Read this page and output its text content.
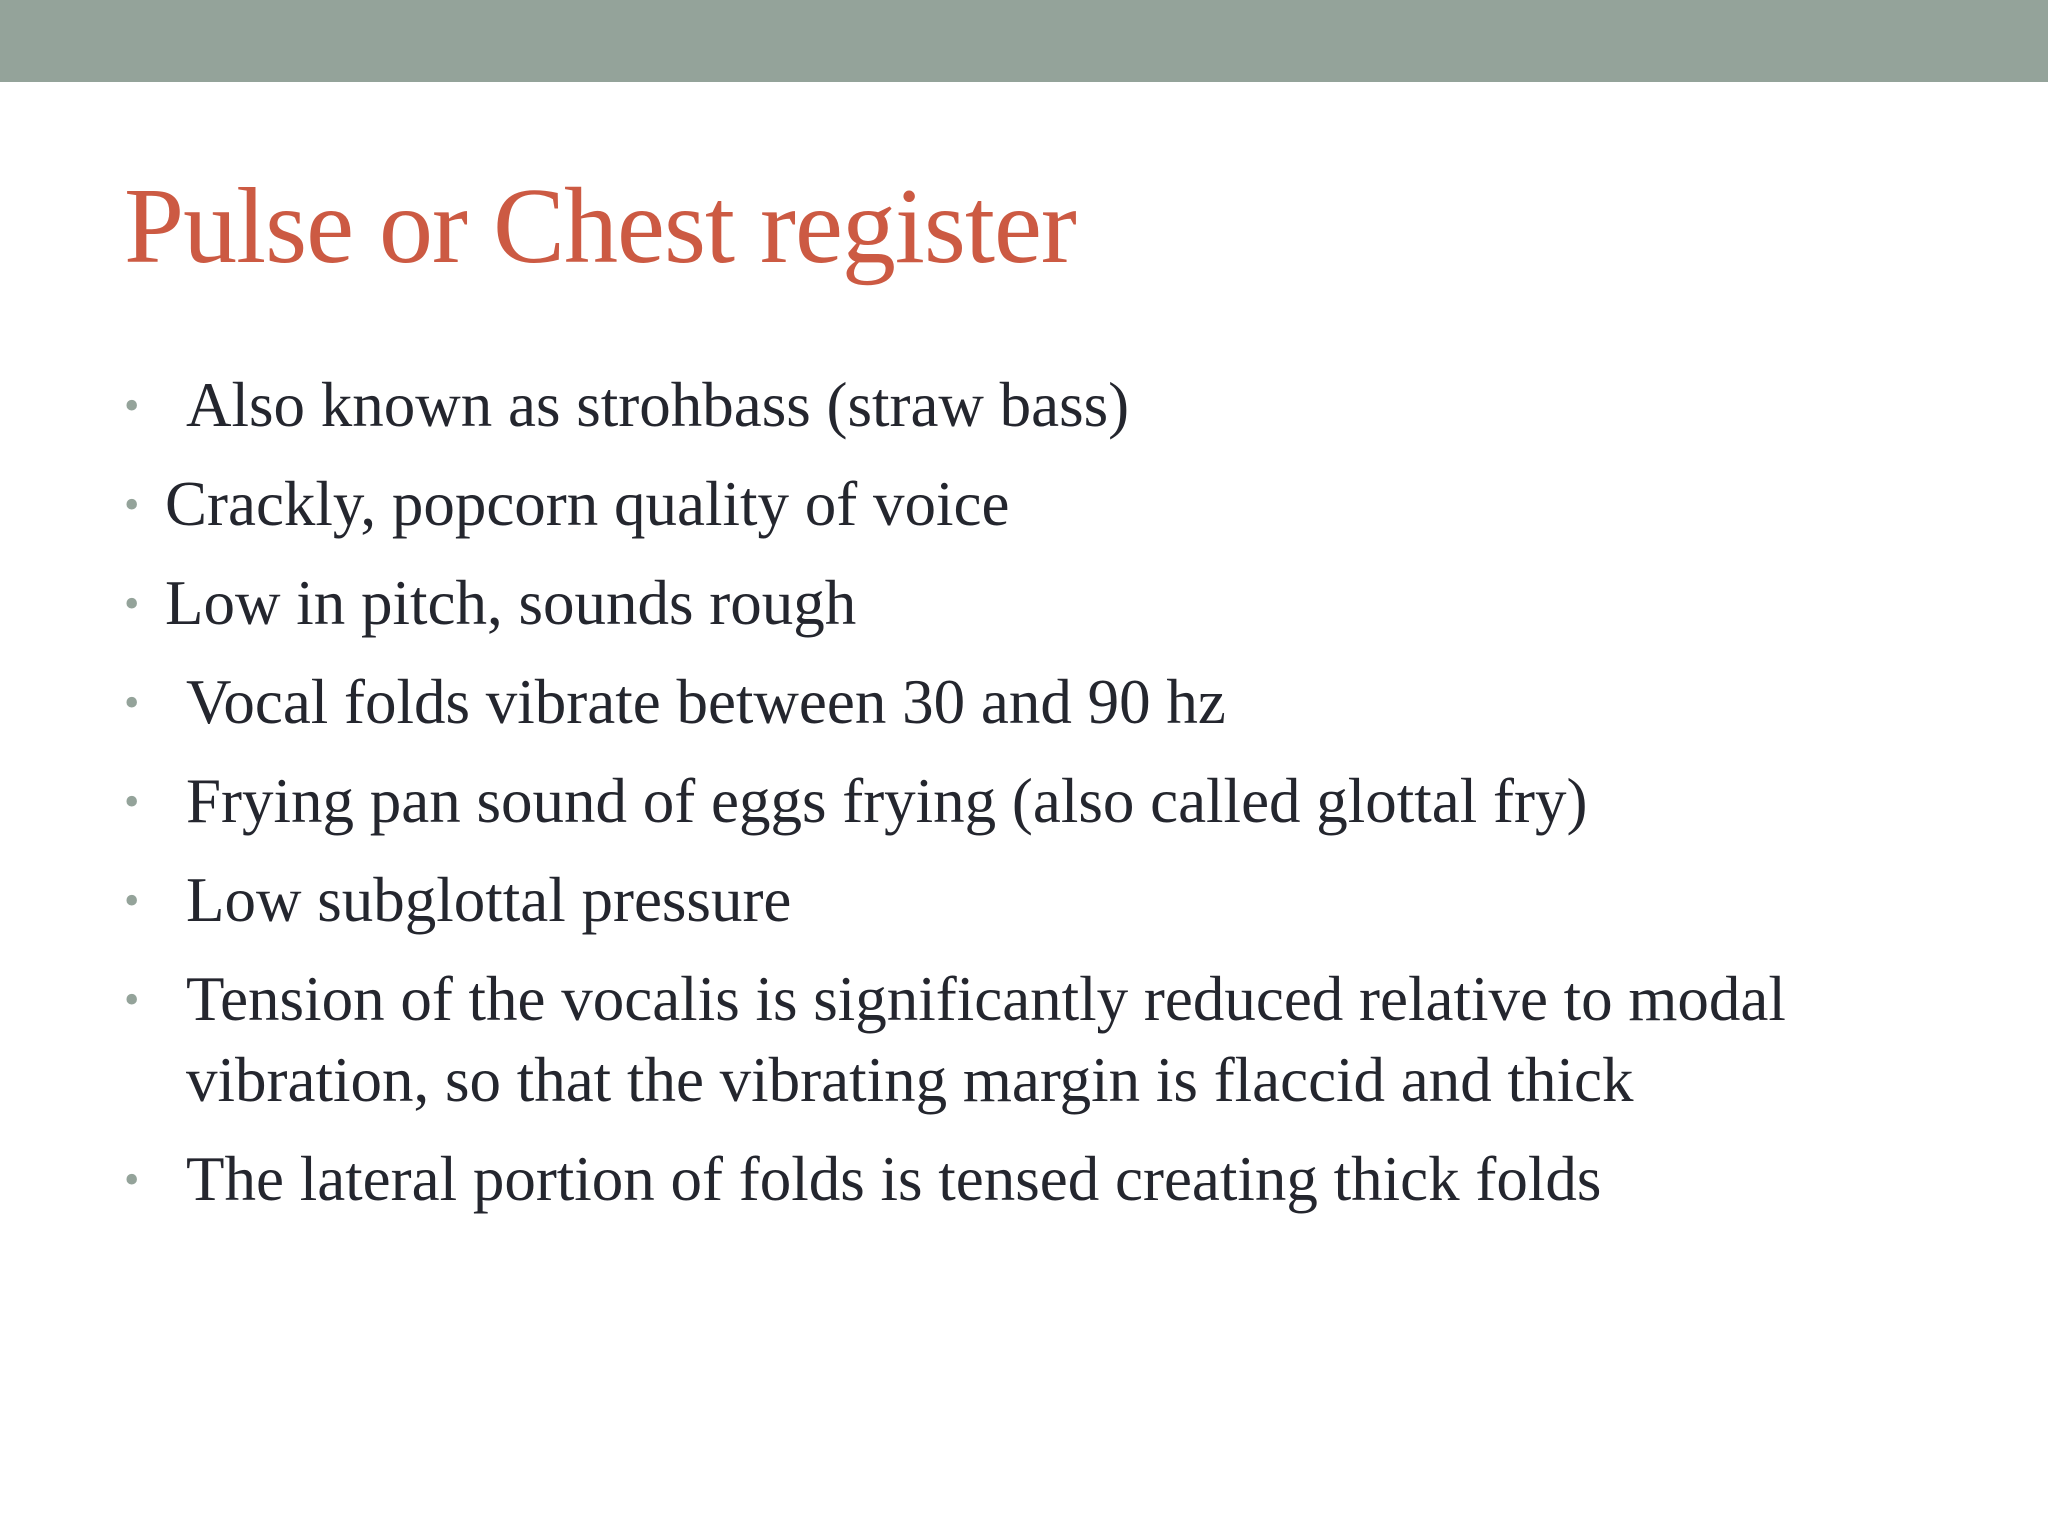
Pulse or Chest register
• Also known as strohbass (straw bass)
• Crackly, popcorn quality of voice
• Low in pitch, sounds rough
• Vocal folds vibrate between 30 and 90 hz
• Frying pan sound of eggs frying (also called glottal fry)
• Low subglottal pressure
• Tension of the vocalis is significantly reduced relative to modal vibration, so that the vibrating margin is flaccid and thick
• The lateral portion of folds is tensed creating thick folds
